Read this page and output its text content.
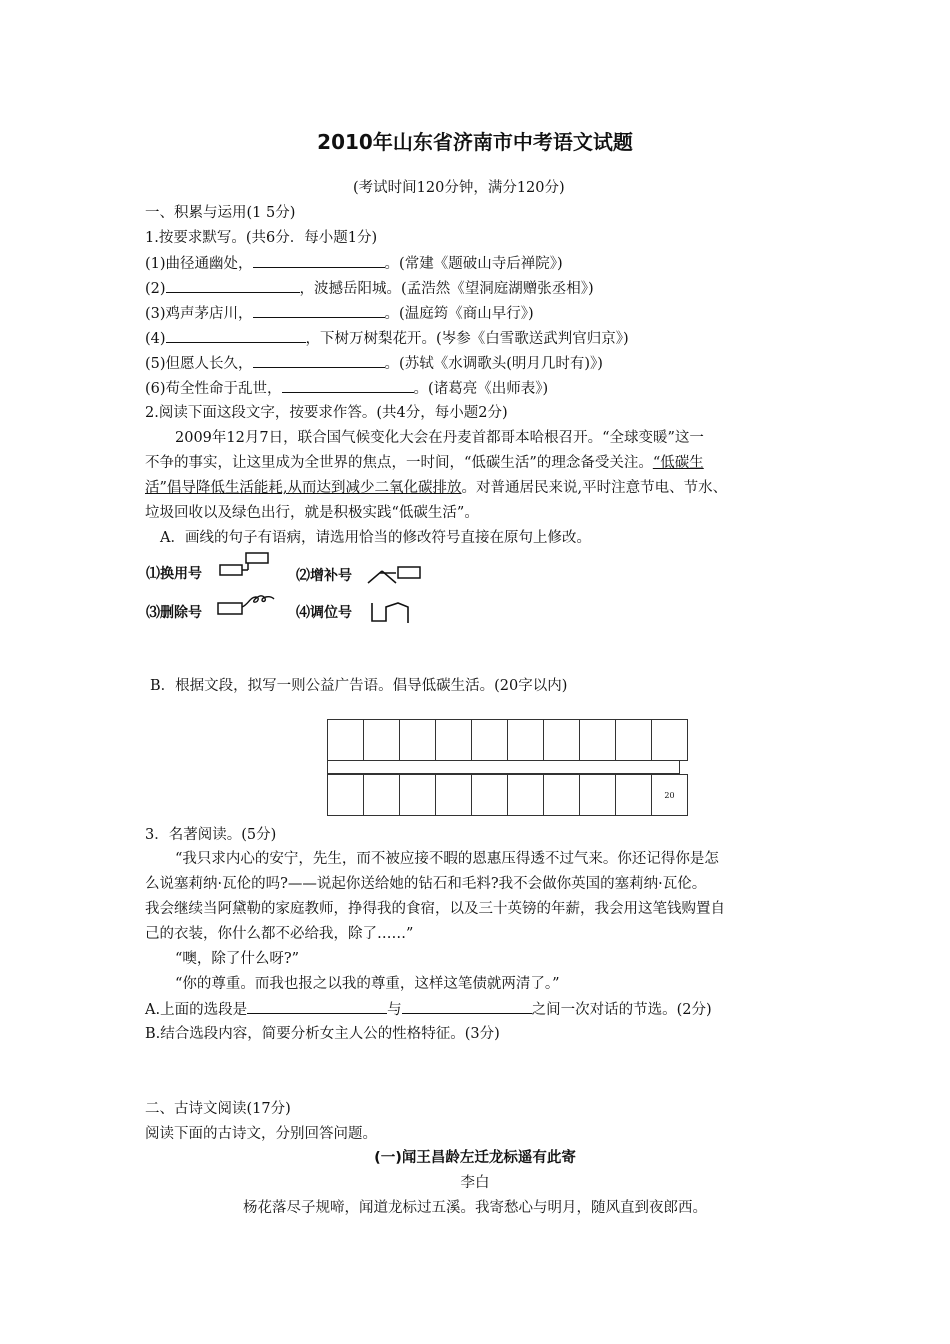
2010年山东省济南市中考语文试题
(考试时间120分钟，满分120分)
一、积累与运用(1 5分)
1.按要求默写。(共6分．每小题1分)
(1)曲径通幽处，	。(常建《题破山寺后禅院》)
(2)	，波撼岳阳城。(孟浩然《望洞庭湖赠张丞相》)
(3)鸡声茅店川，	。(温庭筠《商山早行》)
(4)	，下树万树梨花开。(岑参《白雪歌送武判官归京》)
(5)但愿人长久，	。(苏轼《水调歌头(明月几时有)》)
(6)苟全性命于乱世，	。(诸葛亮《出师表》)
2.阅读下面这段文字，按要求作答。(共4分，每小题2分)
2009年12月7日，联合国气候变化大会在丹麦首都哥本哈根召开。“全球变暖”这一
不争的事实，让这里成为全世界的焦点，一时间，“低碳生活”的理念备受关注。“低碳生
活”倡导降低生活能耗,从而达到减少二氧化碳排放。对普通居民来说,平时注意节电、节水、
垃圾回收以及绿色出行，就是积极实践“低碳生活”。
A．画线的句子有语病，请选用恰当的修改符号直接在原句上修改。
⑴换用号	⑵增补号
⑶删除号	⑷调位号
B．根据文段，拟写一则公益广告语。倡导低碳生活。(20字以内)

									20
3．名著阅读。(5分)
“我只求内心的安宁，先生，而不被应接不暇的恩惠压得透不过气来。你还记得你是怎
么说塞莉纳·瓦伦的吗?——说起你送给她的钻石和毛料?我不会做你英国的塞莉纳·瓦伦。
我会继续当阿黛勒的家庭教师，挣得我的食宿，以及三十英镑的年薪，我会用这笔钱购置自
己的衣装，你什么都不必给我，除了……”
“噢，除了什么呀?”
“你的尊重。而我也报之以我的尊重，这样这笔债就两清了。”
A.上面的选段是	与	之间一次对话的节选。(2分)
B.结合选段内容，简要分析女主人公的性格特征。(3分)
二、古诗文阅读(17分)
阅读下面的古诗文，分别回答问题。
(一)闻王昌龄左迁龙标遥有此寄
李白
杨花落尽子规啼，闻道龙标过五溪。我寄愁心与明月，随风直到夜郎西。
